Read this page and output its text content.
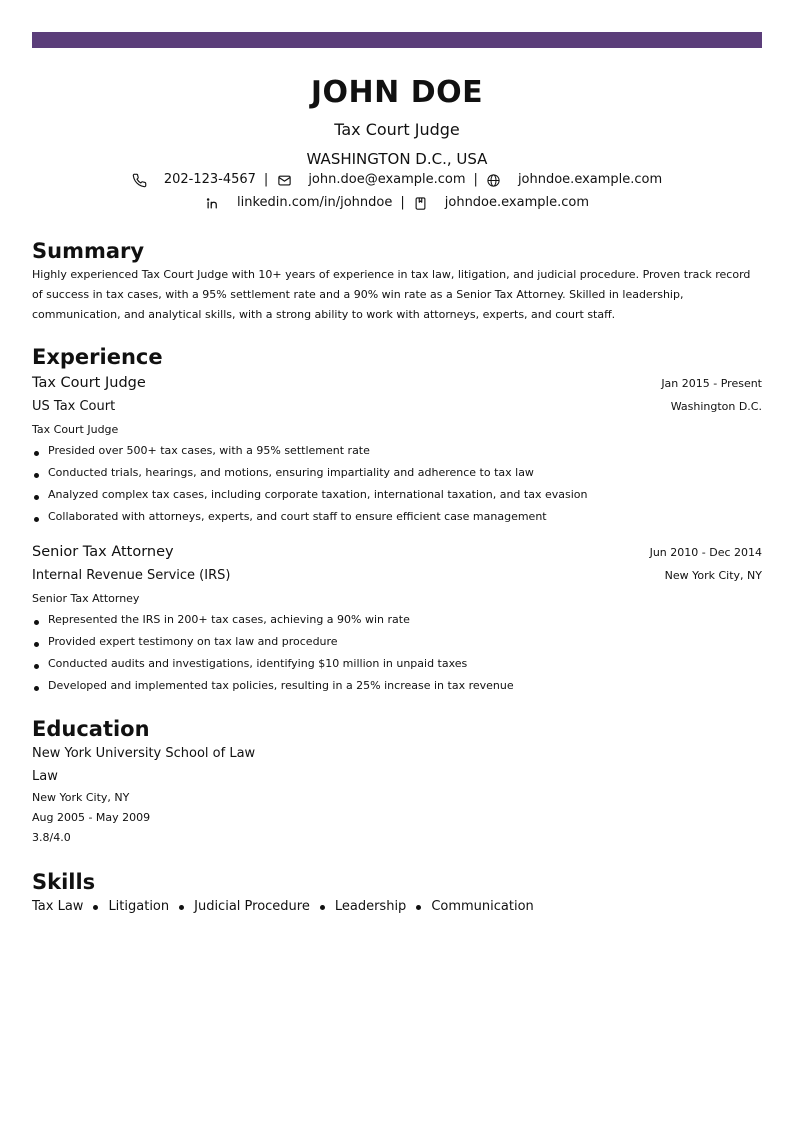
JOHN DOE
Tax Court Judge
WASHINGTON D.C., USA
202-123-4567 |	john.doe@example.com |	johndoe.example.com
linkedin.com/in/johndoe |	johndoe.example.com
Summary
Highly experienced Tax Court Judge with 10+ years of experience in tax law, litigation, and judicial procedure. Proven track record of success in tax cases, with a 95% settlement rate and a 90% win rate as a Senior Tax Attorney. Skilled in leadership, communication, and analytical skills, with a strong ability to work with attorneys, experts, and court staff.
Experience
Tax Court Judge	Jan 2015 - Present
US Tax Court	Washington D.C.
Tax Court Judge
Presided over 500+ tax cases, with a 95% settlement rate
Conducted trials, hearings, and motions, ensuring impartiality and adherence to tax law
Analyzed complex tax cases, including corporate taxation, international taxation, and tax evasion
Collaborated with attorneys, experts, and court staff to ensure efficient case management
Senior Tax Attorney	Jun 2010 - Dec 2014
Internal Revenue Service (IRS)	New York City, NY
Senior Tax Attorney
Represented the IRS in 200+ tax cases, achieving a 90% win rate
Provided expert testimony on tax law and procedure
Conducted audits and investigations, identifying $10 million in unpaid taxes
Developed and implemented tax policies, resulting in a 25% increase in tax revenue
Education
New York University School of Law
Law
New York City, NY
Aug 2005 - May 2009
3.8/4.0
Skills
Tax Law Litigation Judicial Procedure Leadership Communication
